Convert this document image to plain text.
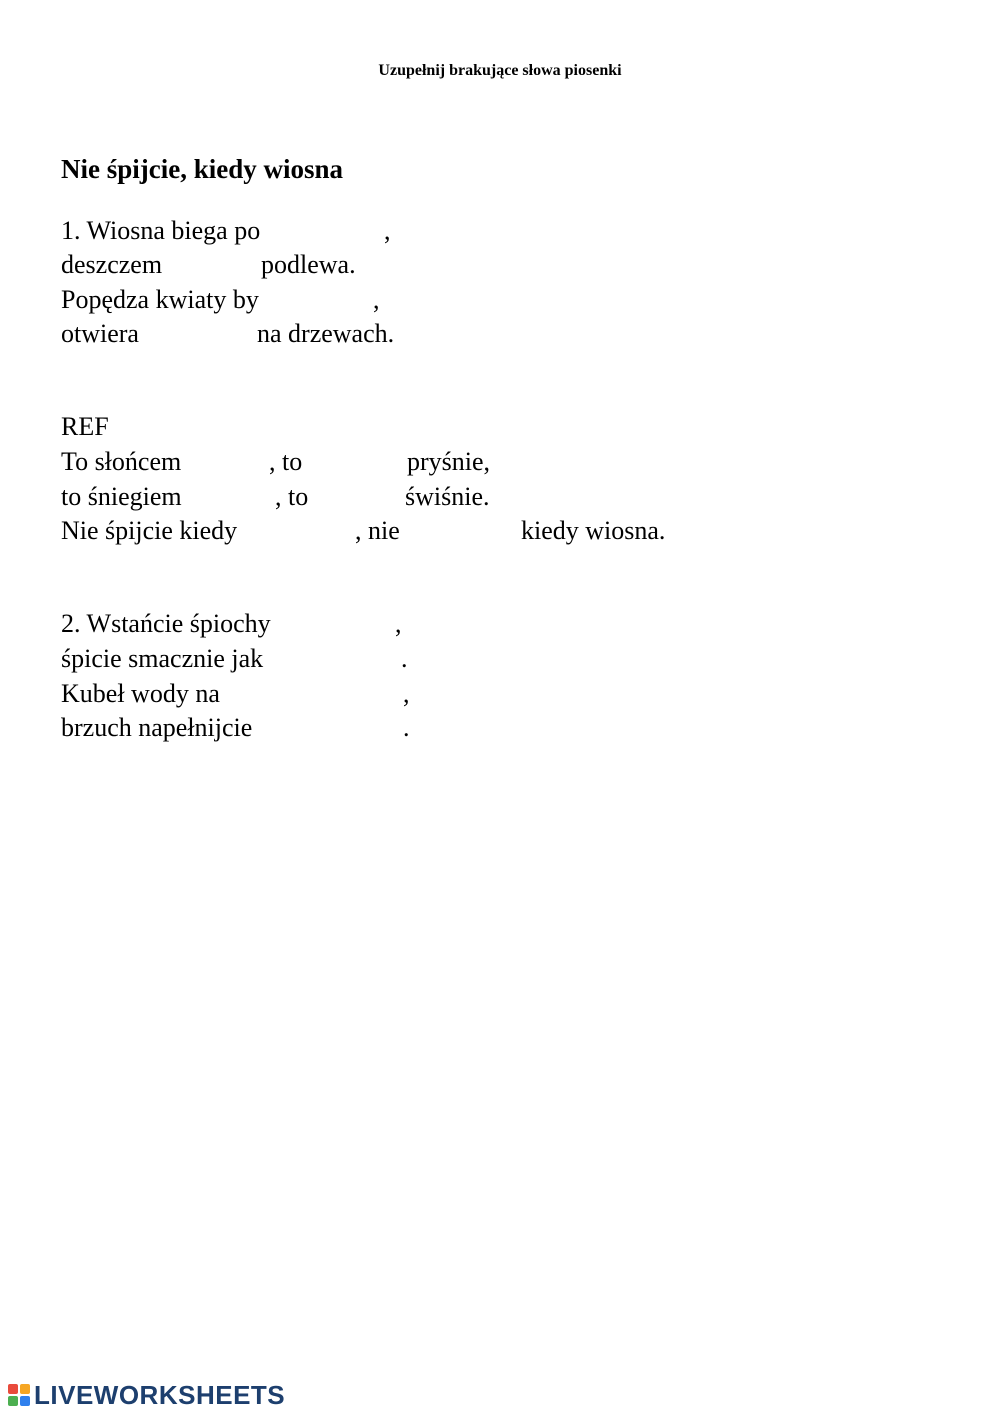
Uzupełnij brakujące słowa piosenki
Nie śpijcie, kiedy wiosna
1. Wiosna biega po	,
deszczem	podlewa.
Popędza kwiaty by	,
otwiera	na drzewach.
REF
To słońcem	, to	pryśnie,
to śniegiem	, to	świśnie.
Nie śpijcie kiedy	, nie	kiedy wiosna.
2. Wstańcie śpiochy	,
śpicie smacznie jak	.
Kubeł wody na	,
brzuch napełnijcie	.
LIVEWORKSHEETS
